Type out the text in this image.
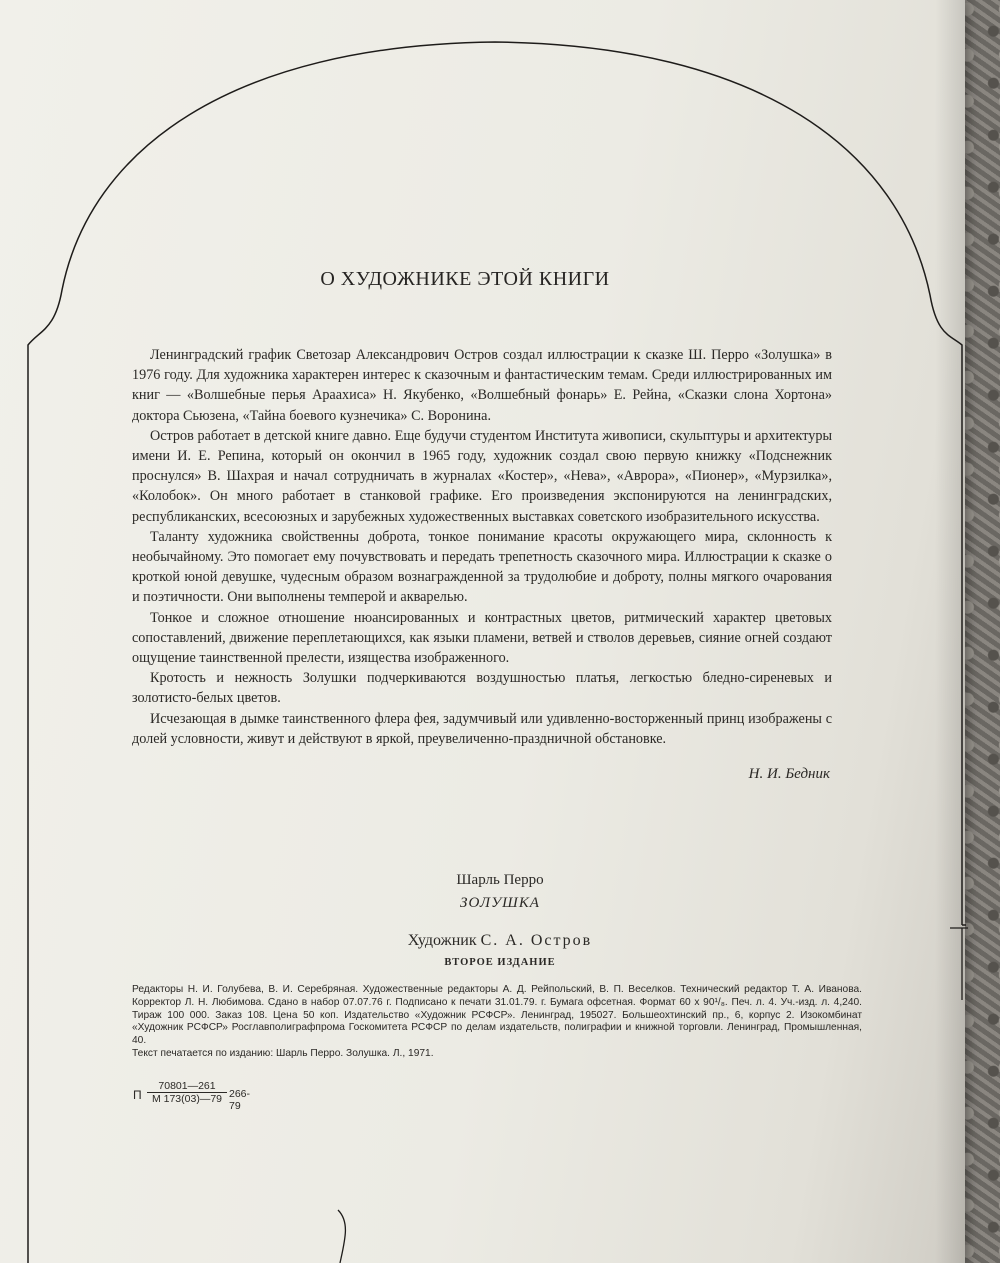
О ХУДОЖНИКЕ ЭТОЙ КНИГИ

Ленинградский график Светозар Александрович Остров создал иллюстрации к сказке Ш. Перро «Золушка» в 1976 году. Для художника характерен интерес к сказочным и фантастическим темам. Среди иллюстрированных им книг — «Волшебные перья Араахиса» Н. Якубенко, «Волшебный фонарь» Е. Рейна, «Сказки слона Хортона» доктора Сьюзена, «Тайна боевого кузнечика» С. Воронина.

Остров работает в детской книге давно. Еще будучи студентом Института живописи, скульптуры и архитектуры имени И. Е. Репина, который он окончил в 1965 году, художник создал свою первую книжку «Подснежник проснулся» В. Шахрая и начал сотрудничать в журналах «Костер», «Нева», «Аврора», «Пионер», «Мурзилка», «Колобок». Он много работает в станковой графике. Его произведения экспонируются на ленинградских, республиканских, всесоюзных и зарубежных художественных выставках советского изобразительного искусства.

Таланту художника свойственны доброта, тонкое понимание красоты окружающего мира, склонность к необычайному. Это помогает ему почувствовать и передать трепетность сказочного мира. Иллюстрации к сказке о кроткой юной девушке, чудесным образом вознагражденной за трудолюбие и доброту, полны мягкого очарования и поэтичности. Они выполнены темперой и акварелью.

Тонкое и сложное отношение нюансированных и контрастных цветов, ритмический характер цветовых сопоставлений, движение переплетающихся, как языки пламени, ветвей и стволов деревьев, сияние огней создают ощущение таинственной прелести, изящества изображенного.

Кротость и нежность Золушки подчеркиваются воздушностью платья, легкостью бледно-сиреневых и золотисто-белых цветов.

Исчезающая в дымке таинственного флера фея, задумчивый или удивленно-восторженный принц изображены с долей условности, живут и действуют в яркой, преувеличенно-праздничной обстановке.

Н. И. Бедник
Шарль Перро
ЗОЛУШКА
Художник С. А. Остров
ВТОРОЕ ИЗДАНИЕ

Редакторы Н. И. Голубева, В. И. Серебряная. Художественные редакторы А. Д. Рейпольский, В. П. Веселков. Технический редактор Т. А. Иванова. Корректор Л. Н. Любимова. Сдано в набор 07.07.76 г. Подписано к печати 31.01.79. г. Бумага офсетная. Формат 60 x 90¹/₈. Печ. л. 4. Уч.-изд. л. 4,240. Тираж 100 000. Заказ 108. Цена 50 коп. Издательство «Художник РСФСР». Ленинград, 195027. Большеохтинский пр., 6, корпус 2. Изокомбинат «Художник РСФСР» Росглавполиграфпрома Госкомитета РСФСР по делам издательств, полиграфии и книжной торговли. Ленинград, Промышленная, 40.

Текст печатается по изданию: Шарль Перро. Золушка. Л., 1971.

П
70801—261
М 173(03)—79 266-79
